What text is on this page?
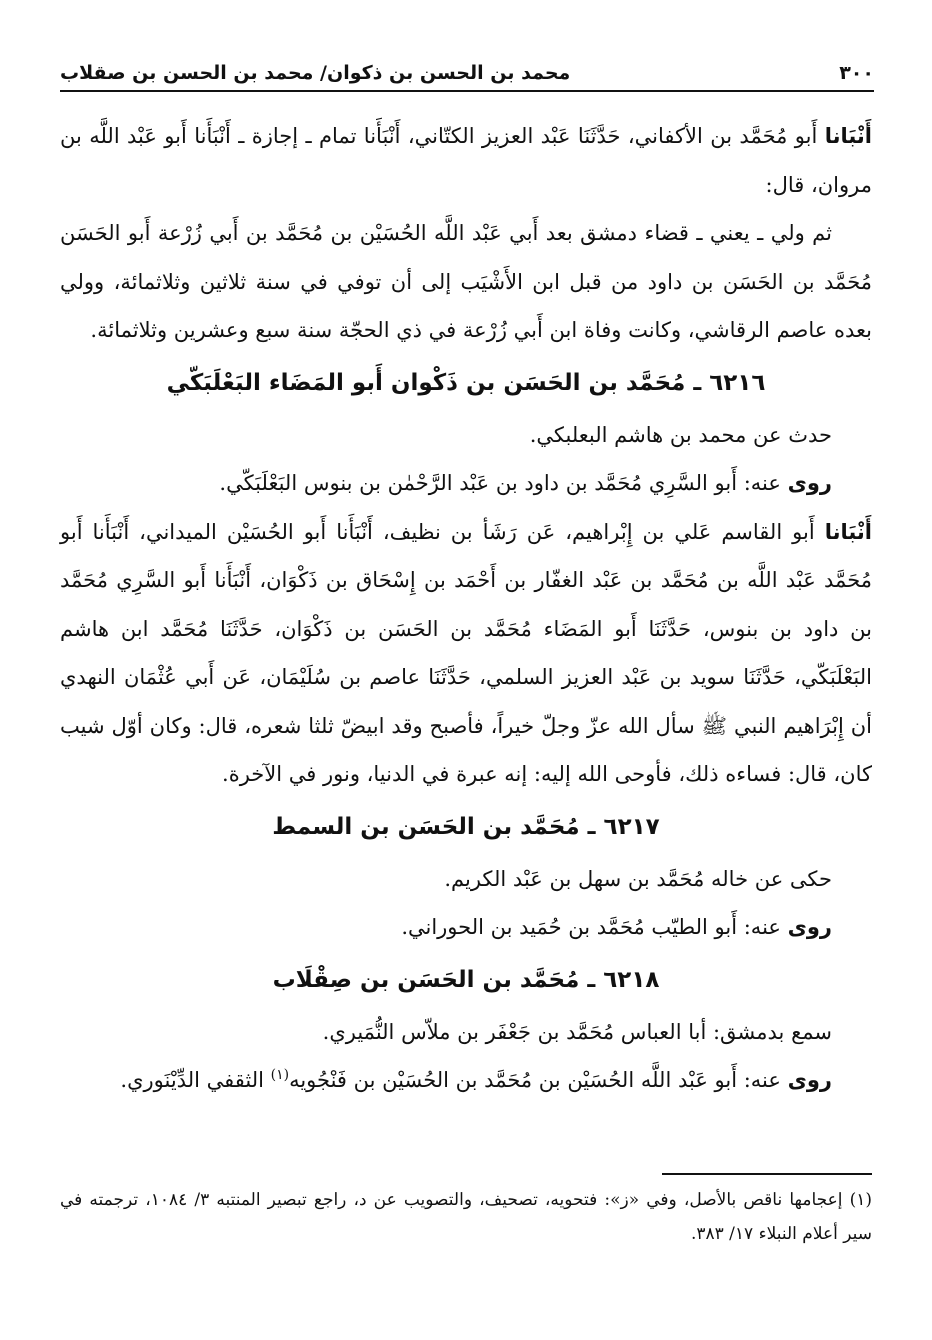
٣٠٠
محمد بن الحسن بن ذكوان/ محمد بن الحسن بن صقلاب

أَنْبَانا أَبو مُحَمَّد بن الأكفاني، حَدَّثَنَا عَبْد العزيز الكتّاني، أَنْبَأَنا تمام ـ إجازة ـ أَنْبَأَنا أَبو عَبْد اللَّه بن مروان، قال:

ثم ولي ـ يعني ـ قضاء دمشق بعد أَبي عَبْد اللَّه الحُسَيْن بن مُحَمَّد بن أَبي زُرْعة أَبو الحَسَن مُحَمَّد بن الحَسَن بن داود من قبل ابن الأَشْيَب إلى أن توفي في سنة ثلاثين وثلاثمائة، وولي بعده عاصم الرقاشي، وكانت وفاة ابن أَبي زُرْعة في ذي الحجّة سنة سبع وعشرين وثلاثمائة.

٦٢١٦ ـ مُحَمَّد بن الحَسَن بن ذَكْوان أَبو المَضَاء البَعْلَبَكّي

حدث عن محمد بن هاشم البعلبكي.

روى عنه: أَبو السَّرِي مُحَمَّد بن داود بن عَبْد الرَّحْمٰن بن بنوس البَعْلَبَكّي.

أَنْبَانا أَبو القاسم عَلي بن إِبْراهيم، عَن رَشَأ بن نظيف، أَنْبَأَنا أَبو الحُسَيْن الميداني، أَنْبَأَنا أَبو مُحَمَّد عَبْد اللَّه بن مُحَمَّد بن عَبْد الغفّار بن أَحْمَد بن إِسْحَاق بن ذَكْوَان، أَنْبَأَنا أَبو السَّرِي مُحَمَّد بن داود بن بنوس، حَدَّثَنَا أَبو المَضَاء مُحَمَّد بن الحَسَن بن ذَكْوَان، حَدَّثَنَا مُحَمَّد ابن هاشم البَعْلَبَكّي، حَدَّثَنَا سويد بن عَبْد العزيز السلمي، حَدَّثَنَا عاصم بن سُلَيْمَان، عَن أَبي عُثْمَان النهدي أن إِبْرَاهيم النبي ﷺ سأل الله عزّ وجلّ خيراً، فأصبح وقد ابيضّ ثلثا شعره، قال: وكان أوّل شيب كان، قال: فساءه ذلك، فأوحى الله إليه: إنه عبرة في الدنيا، ونور في الآخرة.

٦٢١٧ ـ مُحَمَّد بن الحَسَن بن السمط

حكى عن خاله مُحَمَّد بن سهل بن عَبْد الكريم.

روى عنه: أَبو الطيّب مُحَمَّد بن حُمَيد بن الحوراني.

٦٢١٨ ـ مُحَمَّد بن الحَسَن بن صِقْلَاب

سمع بدمشق: أبا العباس مُحَمَّد بن جَعْفَر بن ملاّس النُّمَيري.

روى عنه: أَبو عَبْد اللَّه الحُسَيْن بن مُحَمَّد بن الحُسَيْن بن فَنْجُويه$^{(١)}$ الثقفي الدِّيْنَوري.

(١) إعجامها ناقص بالأصل، وفي «ز»: فتحويه، تصحيف، والتصويب عن د، راجع تبصير المنتبه ٣/ ١٠٨٤، ترجمته في سير أعلام النبلاء ١٧/ ٣٨٣.
